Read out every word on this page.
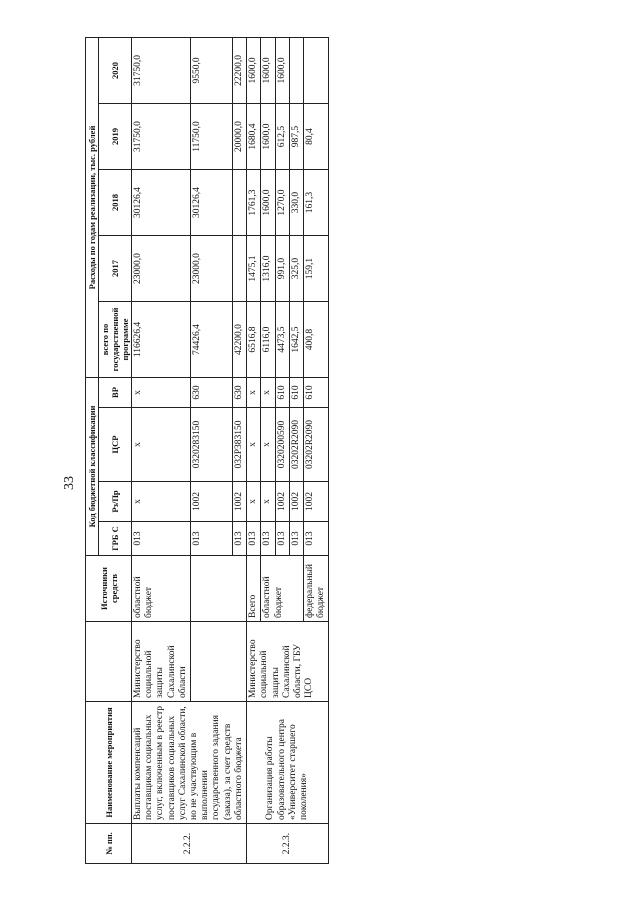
33
№ пп.	Наименование мероприятия		Источники средств	Код бюджетной классификации				Расходы по годам реализации, тыс. рублей				
				ГРБ С	Рз/Пр	ЦСР	ВР	всего по государственной программе	2017	2018	2019	2020
2.2.2.	Выплаты компенсаций поставщикам социальных услуг, включенным в реестр поставщиков социальных услуг Сахалинской области, но не участвующим в выполнении государственного задания (заказа), за счет средств областного бюджета	Министерство социальной защиты Сахалинской области	областной бюджет	013	x	x	x	116626,4	23000,0	30126,4	31750,0	31750,0
				013	1002	0320283150	630	74426,4	23000,0	30126,4	11750,0	9550,0
				013	1002	032Р383150	630	42200,0			20000,0	22200,0
2.2.3.	Организация работы образовательного центра «Университет старшего поколения»	Министерство социальной защиты Сахалинской области, ГБУ ЦСО	Всего	013	x	x	x	6516,8	1475,1	1761,3	1680,4	1600,0
			областной бюджет	013	x	x	x	6116,0	1316,0	1600,0	1600,0	1600,0
				013	1002	0320200590	610	4473,5	991,0	1270,0	612,5	1600,0
				013	1002	03202R2090	610	1642,5	325,0	330,0	987,5	
			федеральный бюджет	013	1002	03202R2090	610	400,8	159,1	161,3	80,4	
